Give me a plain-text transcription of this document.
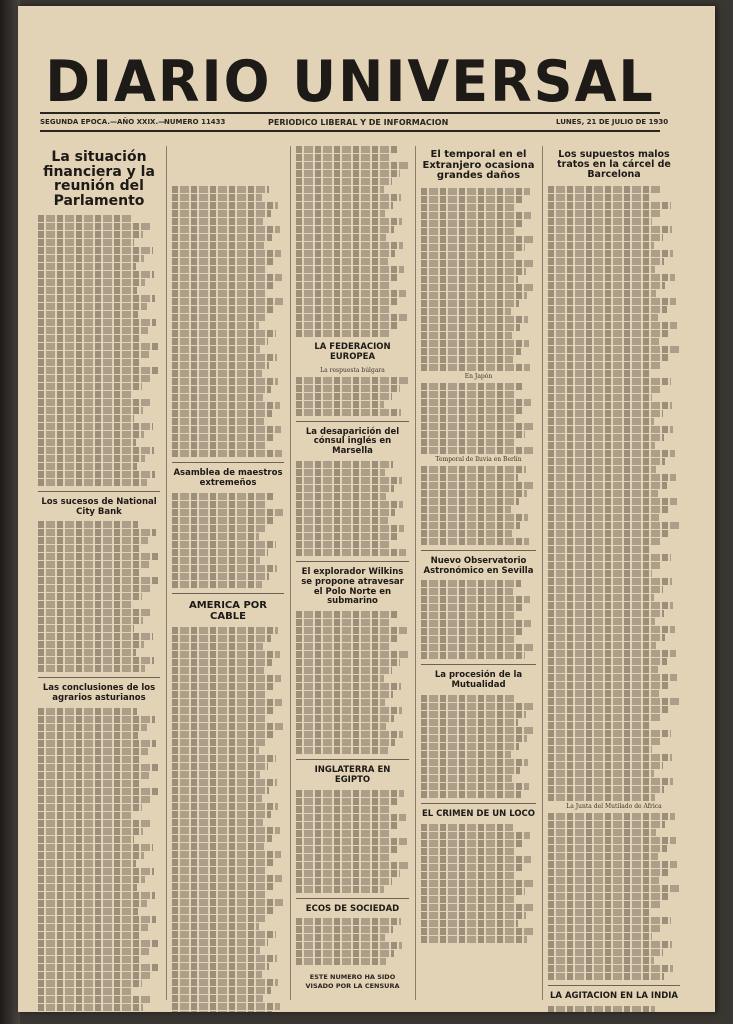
DIARIO UNIVERSAL
SEGUNDA EPOCA.—AÑO XXIX.—
NUMERO 11433	PERIODICO LIBERAL Y DE INFORMACION	LUNES, 21 DE JULIO DE 1930
La situación financiera y la reunión del Parlamento
Los sucesos de National City Bank
Las conclusiones de los agrarios asturianos
Asamblea de maestros extremeños
AMERICA POR CABLE
LA FEDERACION EUROPEA
La respuesta búlgara
La desaparición del cónsul inglés en Marsella
El explorador Wilkins se propone atravesar el Polo Norte en submarino
INGLATERRA EN EGIPTO
ECOS DE SOCIEDAD
ESTE NUMERO HA SIDO VISADO POR LA CENSURA
El temporal en el Extranjero ocasiona grandes daños
En Japón
Temporal de lluvia en Berlín
Nuevo Observatorio Astronómico en Sevilla
La procesión de la Mutualidad
EL CRIMEN DE UN LOCO
Los supuestos malos tratos en la cárcel de Barcelona
La Junta del Mutilado de Africa
LA AGITACION EN LA INDIA
